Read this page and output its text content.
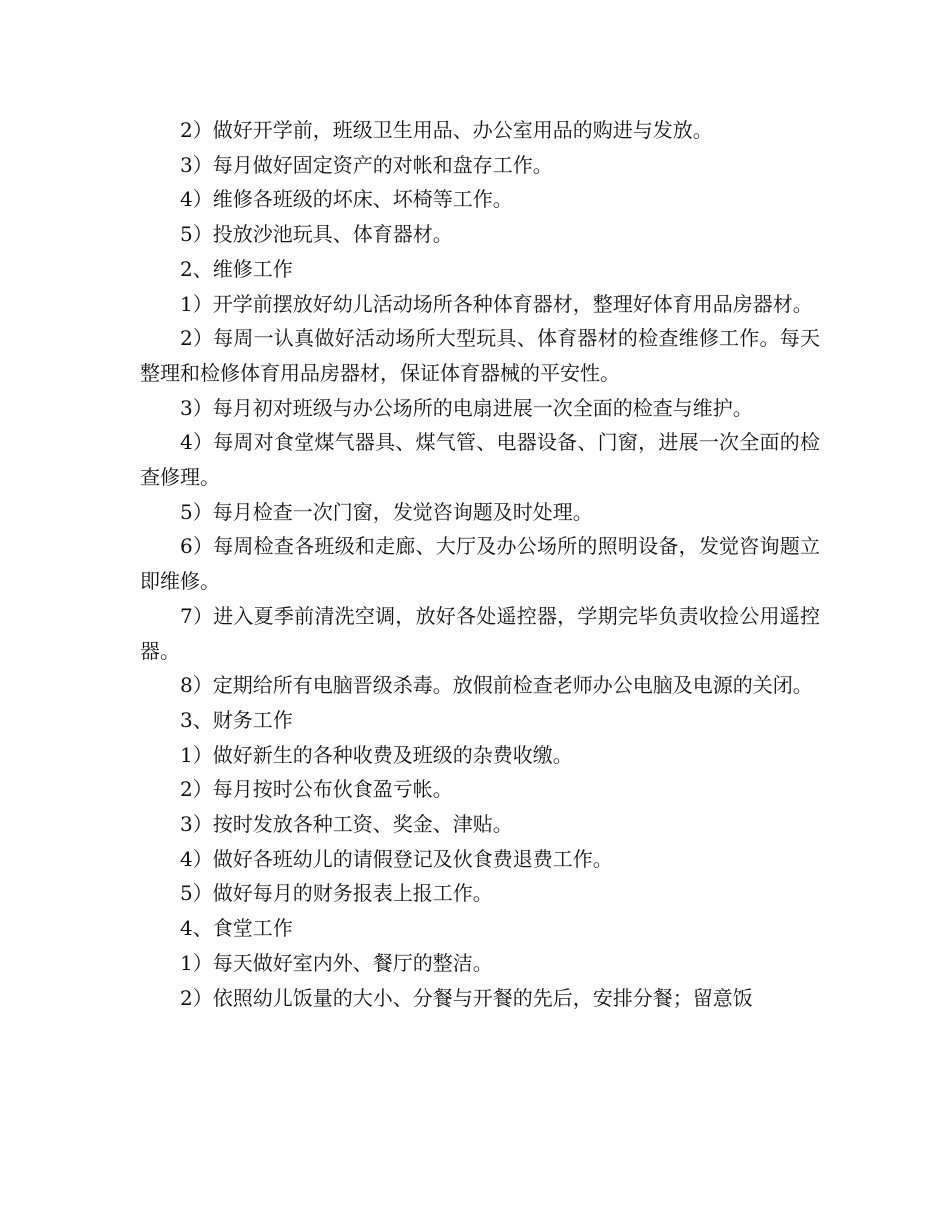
2）做好开学前，班级卫生用品、办公室用品的购进与发放。

3）每月做好固定资产的对帐和盘存工作。

4）维修各班级的坏床、坏椅等工作。

5）投放沙池玩具、体育器材。

2、维修工作

1）开学前摆放好幼儿活动场所各种体育器材，整理好体育用品房器材。

2）每周一认真做好活动场所大型玩具、体育器材的检查维修工作。每天整理和检修体育用品房器材，保证体育器械的平安性。

3）每月初对班级与办公场所的电扇进展一次全面的检查与维护。

4）每周对食堂煤气器具、煤气管、电器设备、门窗，进展一次全面的检查修理。

5）每月检查一次门窗，发觉咨询题及时处理。

6）每周检查各班级和走廊、大厅及办公场所的照明设备，发觉咨询题立即维修。

7）进入夏季前清洗空调，放好各处遥控器，学期完毕负责收捡公用遥控器。

8）定期给所有电脑晋级杀毒。放假前检查老师办公电脑及电源的关闭。

3、财务工作

1）做好新生的各种收费及班级的杂费收缴。

2）每月按时公布伙食盈亏帐。

3）按时发放各种工资、奖金、津贴。

4）做好各班幼儿的请假登记及伙食费退费工作。

5）做好每月的财务报表上报工作。

4、食堂工作

1）每天做好室内外、餐厅的整洁。

2）依照幼儿饭量的大小、分餐与开餐的先后，安排分餐；留意饭
